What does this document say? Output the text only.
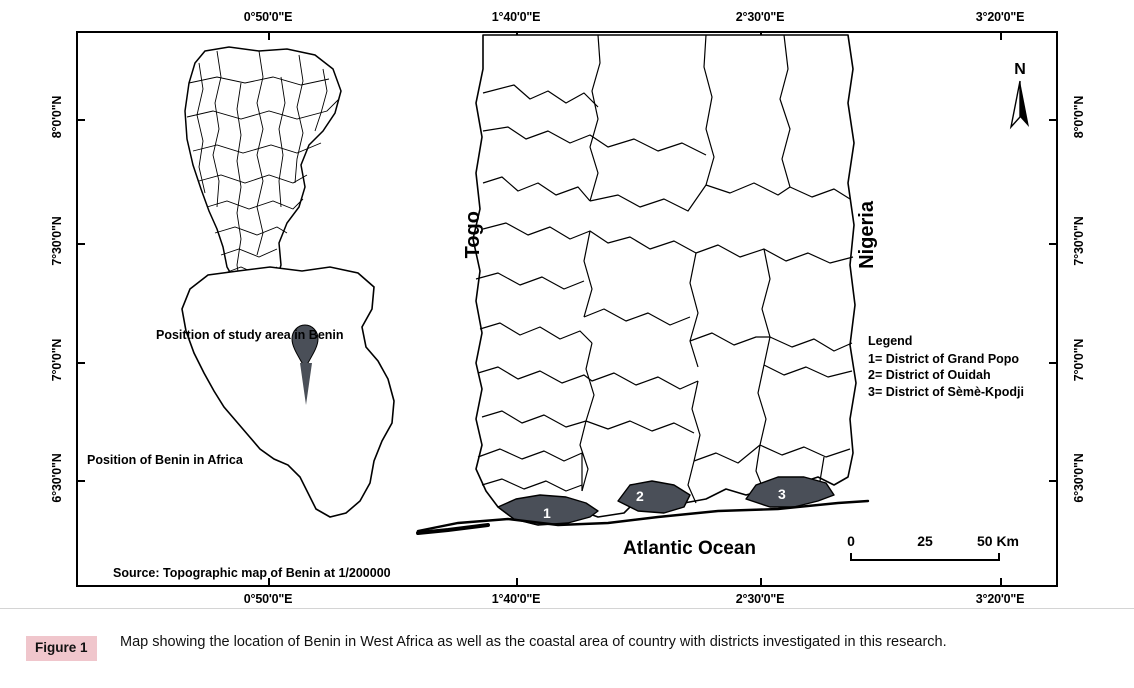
0°50'0"E	1°40'0"E	2°30'0"E	3°20'0"E
0°50'0"E	1°40'0"E	2°30'0"E	3°20'0"E
8°0'0"N
7°30'0"N
7°0'0"N
6°30'0"N
8°0'0"N
7°30'0"N
7°0'0"N
6°30'0"N
Togo	Nigeria
Atlantic Ocean
Posittion of study area in Benin
Position of Benin in Africa
Source: Topographic map of Benin at 1/200000
Legend
1= District of Grand Popo
2= District of Ouidah
3= District of Sèmè-Kpodji
1
2	3
N
0	25	50 Km
Figure 1	Map showing the location of Benin in West Africa as well as the coastal area of country with districts investigated in this research.
